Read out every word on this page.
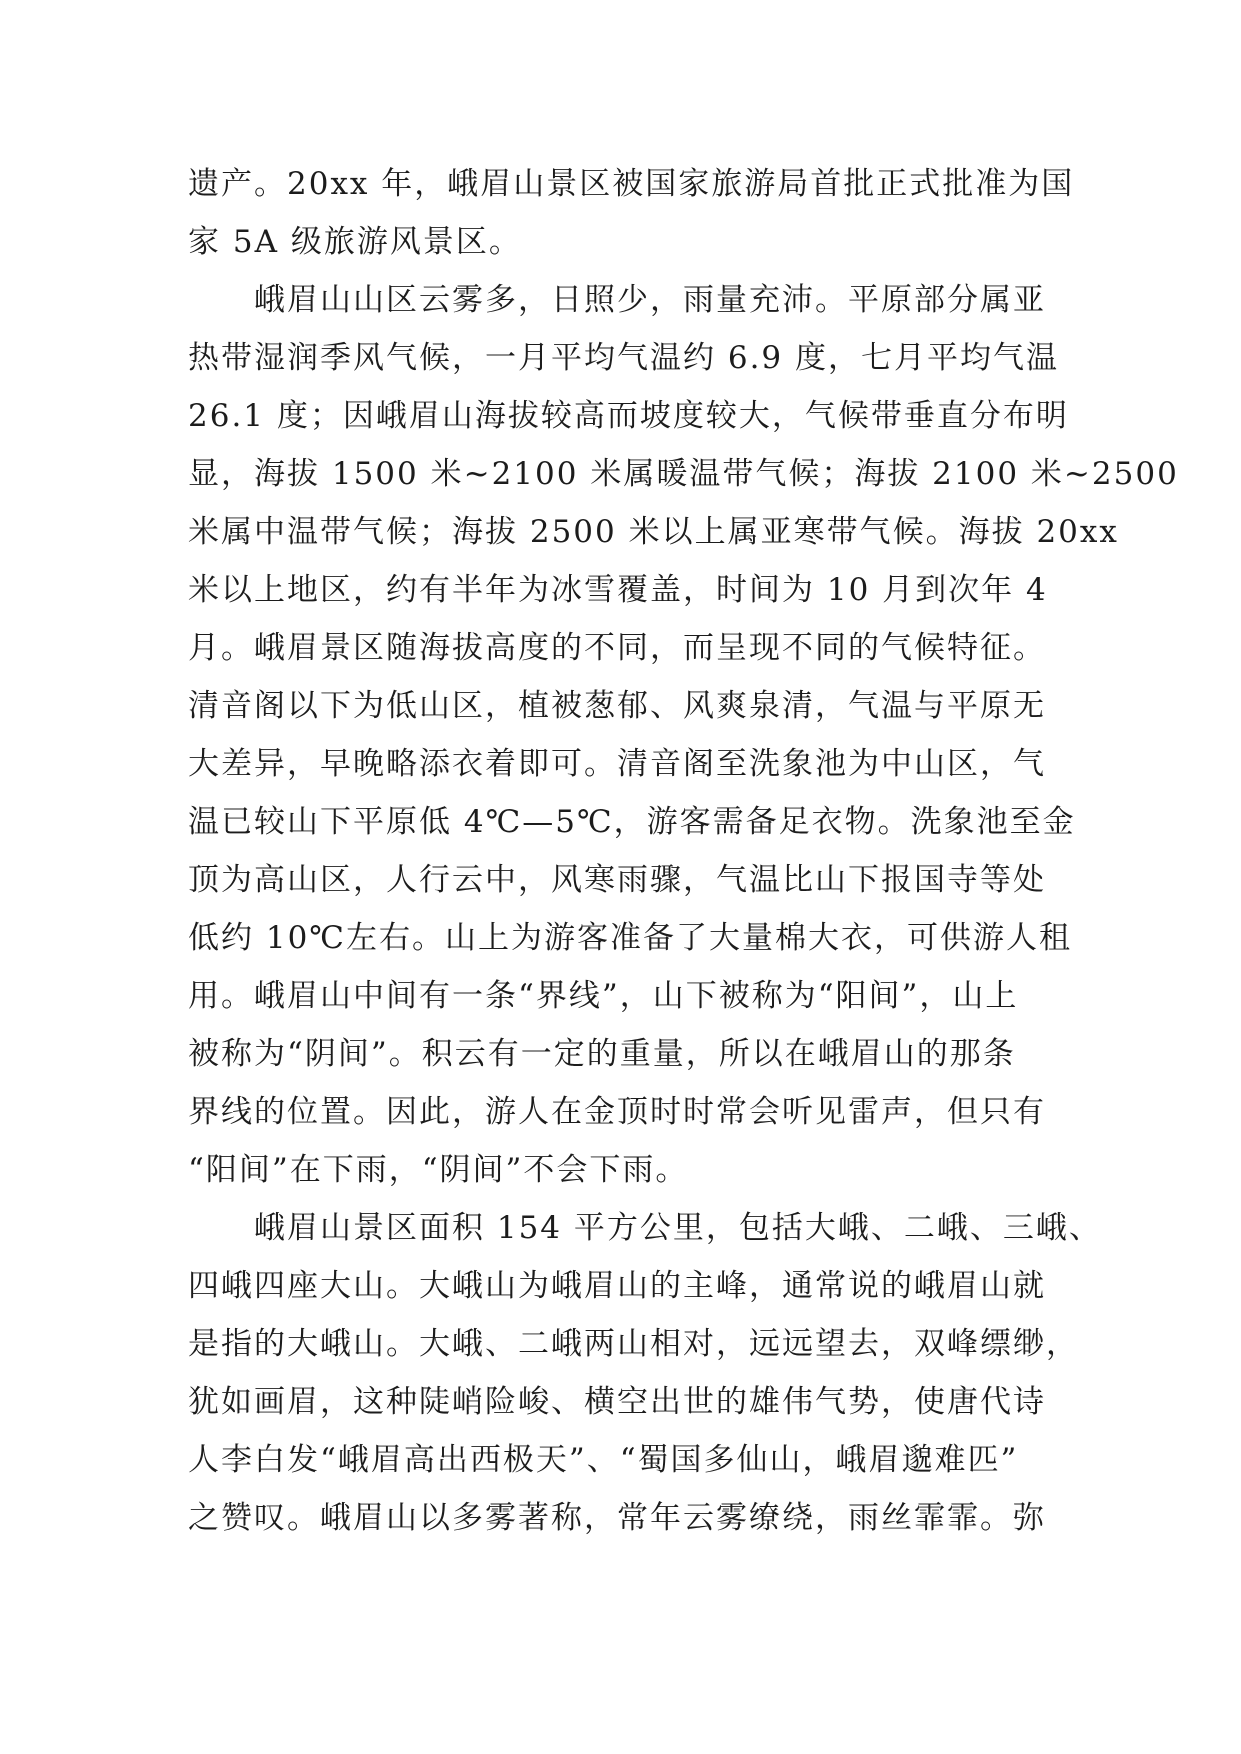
遗产。20xx 年，峨眉山景区被国家旅游局首批正式批准为国
家 5A 级旅游风景区。
峨眉山山区云雾多，日照少，雨量充沛。平原部分属亚
热带湿润季风气候，一月平均气温约 6.9 度，七月平均气温
26.1 度；因峨眉山海拔较高而坡度较大，气候带垂直分布明
显，海拔 1500 米~2100 米属暖温带气候；海拔 2100 米~2500
米属中温带气候；海拔 2500 米以上属亚寒带气候。海拔 20xx
米以上地区，约有半年为冰雪覆盖，时间为 10 月到次年 4
月。峨眉景区随海拔高度的不同，而呈现不同的气候特征。
清音阁以下为低山区，植被葱郁、风爽泉清，气温与平原无
大差异，早晚略添衣着即可。清音阁至洗象池为中山区，气
温已较山下平原低 4℃—5℃，游客需备足衣物。洗象池至金
顶为高山区，人行云中，风寒雨骤，气温比山下报国寺等处
低约 10℃左右。山上为游客准备了大量棉大衣，可供游人租
用。峨眉山中间有一条“界线”，山下被称为“阳间”，山上
被称为“阴间”。积云有一定的重量，所以在峨眉山的那条
界线的位置。因此，游人在金顶时时常会听见雷声，但只有
“阳间”在下雨，“阴间”不会下雨。
峨眉山景区面积 154 平方公里，包括大峨、二峨、三峨、
四峨四座大山。大峨山为峨眉山的主峰，通常说的峨眉山就
是指的大峨山。大峨、二峨两山相对，远远望去，双峰缥缈，
犹如画眉，这种陡峭险峻、横空出世的雄伟气势，使唐代诗
人李白发“峨眉高出西极天”、“蜀国多仙山，峨眉邈难匹”
之赞叹。峨眉山以多雾著称，常年云雾缭绕，雨丝霏霏。弥
